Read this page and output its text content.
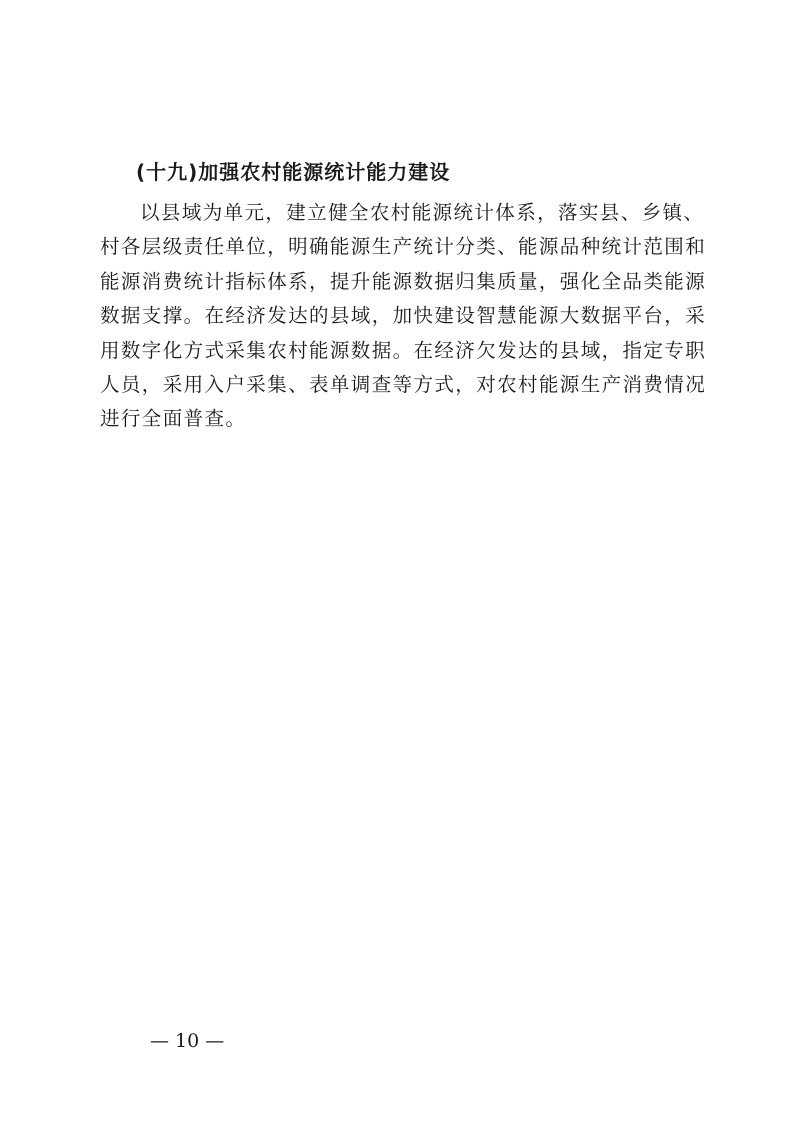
(十九)加强农村能源统计能力建设

以县域为单元，建立健全农村能源统计体系，落实县、乡镇、
村各层级责任单位，明确能源生产统计分类、能源品种统计范围和
能源消费统计指标体系，提升能源数据归集质量，强化全品类能源
数据支撑。在经济发达的县域，加快建设智慧能源大数据平台，采
用数字化方式采集农村能源数据。在经济欠发达的县域，指定专职
人员，采用入户采集、表单调查等方式，对农村能源生产消费情况
进行全面普查。

— 10 —
